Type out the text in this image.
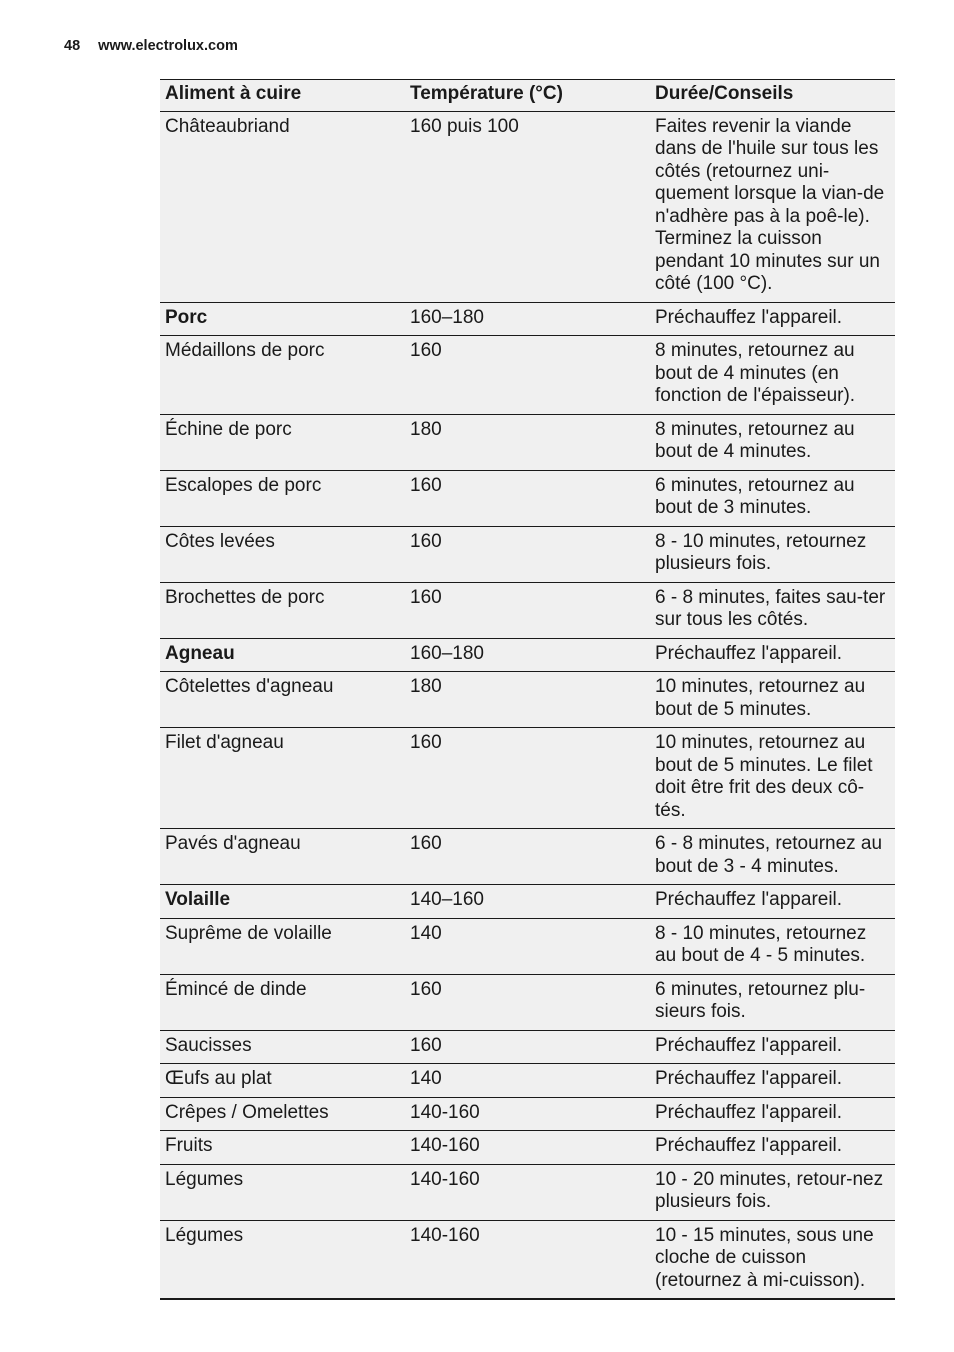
48 www.electrolux.com
Aliment à cuire	Température (°C)	Durée/Conseils
Châteaubriand	160 puis 100	Faites revenir la viande dans de l'huile sur tous les côtés (retournez uni-quement lorsque la vian-de n'adhère pas à la poê-le). Terminez la cuisson pendant 10 minutes sur un côté (100 °C).
Porc	160–180	Préchauffez l'appareil.
Médaillons de porc	160	8 minutes, retournez au bout de 4 minutes (en fonction de l'épaisseur).
Échine de porc	180	8 minutes, retournez au bout de 4 minutes.
Escalopes de porc	160	6 minutes, retournez au bout de 3 minutes.
Côtes levées	160	8 - 10 minutes, retournez plusieurs fois.
Brochettes de porc	160	6 - 8 minutes, faites sau-ter sur tous les côtés.
Agneau	160–180	Préchauffez l'appareil.
Côtelettes d'agneau	180	10 minutes, retournez au bout de 5 minutes.
Filet d'agneau	160	10 minutes, retournez au bout de 5 minutes. Le filet doit être frit des deux cô-tés.
Pavés d'agneau	160	6 - 8 minutes, retournez au bout de 3 - 4 minutes.
Volaille	140–160	Préchauffez l'appareil.
Suprême de volaille	140	8 - 10 minutes, retournez au bout de 4 - 5 minutes.
Émincé de dinde	160	6 minutes, retournez plu-sieurs fois.
Saucisses	160	Préchauffez l'appareil.
Œufs au plat	140	Préchauffez l'appareil.
Crêpes / Omelettes	140-160	Préchauffez l'appareil.
Fruits	140-160	Préchauffez l'appareil.
Légumes	140-160	10 - 20 minutes, retour-nez plusieurs fois.
Légumes	140-160	10 - 15 minutes, sous une cloche de cuisson (retournez à mi-cuisson).
